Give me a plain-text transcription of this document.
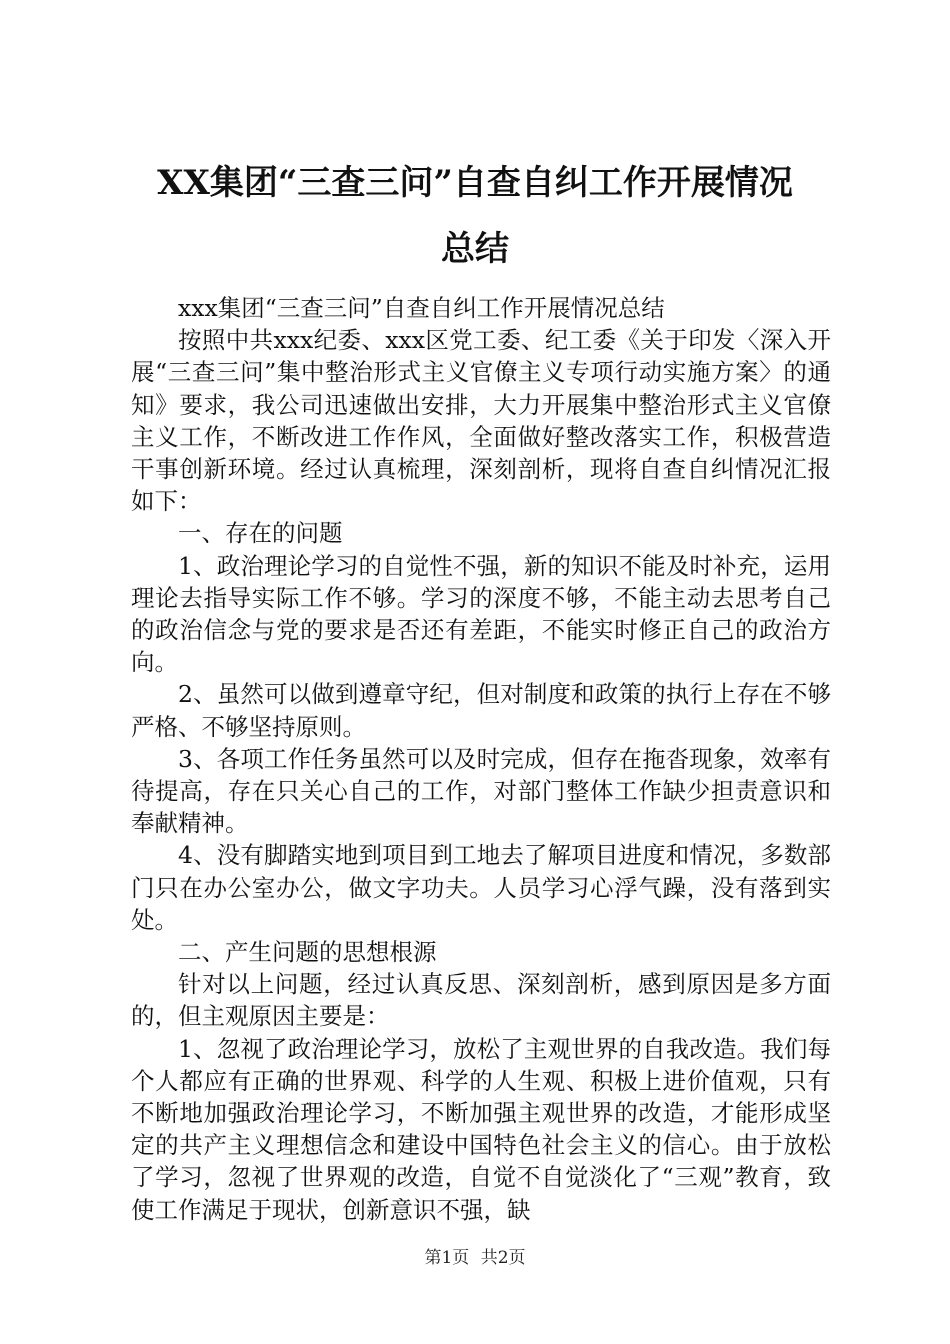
XX集团“三查三问”自查自纠工作开展情况
总结

xxx集团“三查三问”自查自纠工作开展情况总结

按照中共xxx纪委、xxx区党工委、纪工委《关于印发〈深入开展“三查三问”集中整治形式主义官僚主义专项行动实施方案〉的通知》要求，我公司迅速做出安排，大力开展集中整治形式主义官僚主义工作，不断改进工作作风，全面做好整改落实工作，积极营造干事创新环境。经过认真梳理，深刻剖析，现将自查自纠情况汇报如下：

一、存在的问题

1、政治理论学习的自觉性不强，新的知识不能及时补充，运用理论去指导实际工作不够。学习的深度不够，不能主动去思考自己的政治信念与党的要求是否还有差距，不能实时修正自己的政治方向。

2、虽然可以做到遵章守纪，但对制度和政策的执行上存在不够严格、不够坚持原则。

3、各项工作任务虽然可以及时完成，但存在拖沓现象，效率有待提高，存在只关心自己的工作，对部门整体工作缺少担责意识和奉献精神。

4、没有脚踏实地到项目到工地去了解项目进度和情况，多数部门只在办公室办公，做文字功夫。人员学习心浮气躁，没有落到实处。

二、产生问题的思想根源

针对以上问题，经过认真反思、深刻剖析，感到原因是多方面的，但主观原因主要是：

1、忽视了政治理论学习，放松了主观世界的自我改造。我们每个人都应有正确的世界观、科学的人生观、积极上进价值观，只有不断地加强政治理论学习，不断加强主观世界的改造，才能形成坚定的共产主义理想信念和建设中国特色社会主义的信心。由于放松了学习，忽视了世界观的改造，自觉不自觉淡化了“三观”教育，致使工作满足于现状，创新意识不强，缺

第1页 共2页
